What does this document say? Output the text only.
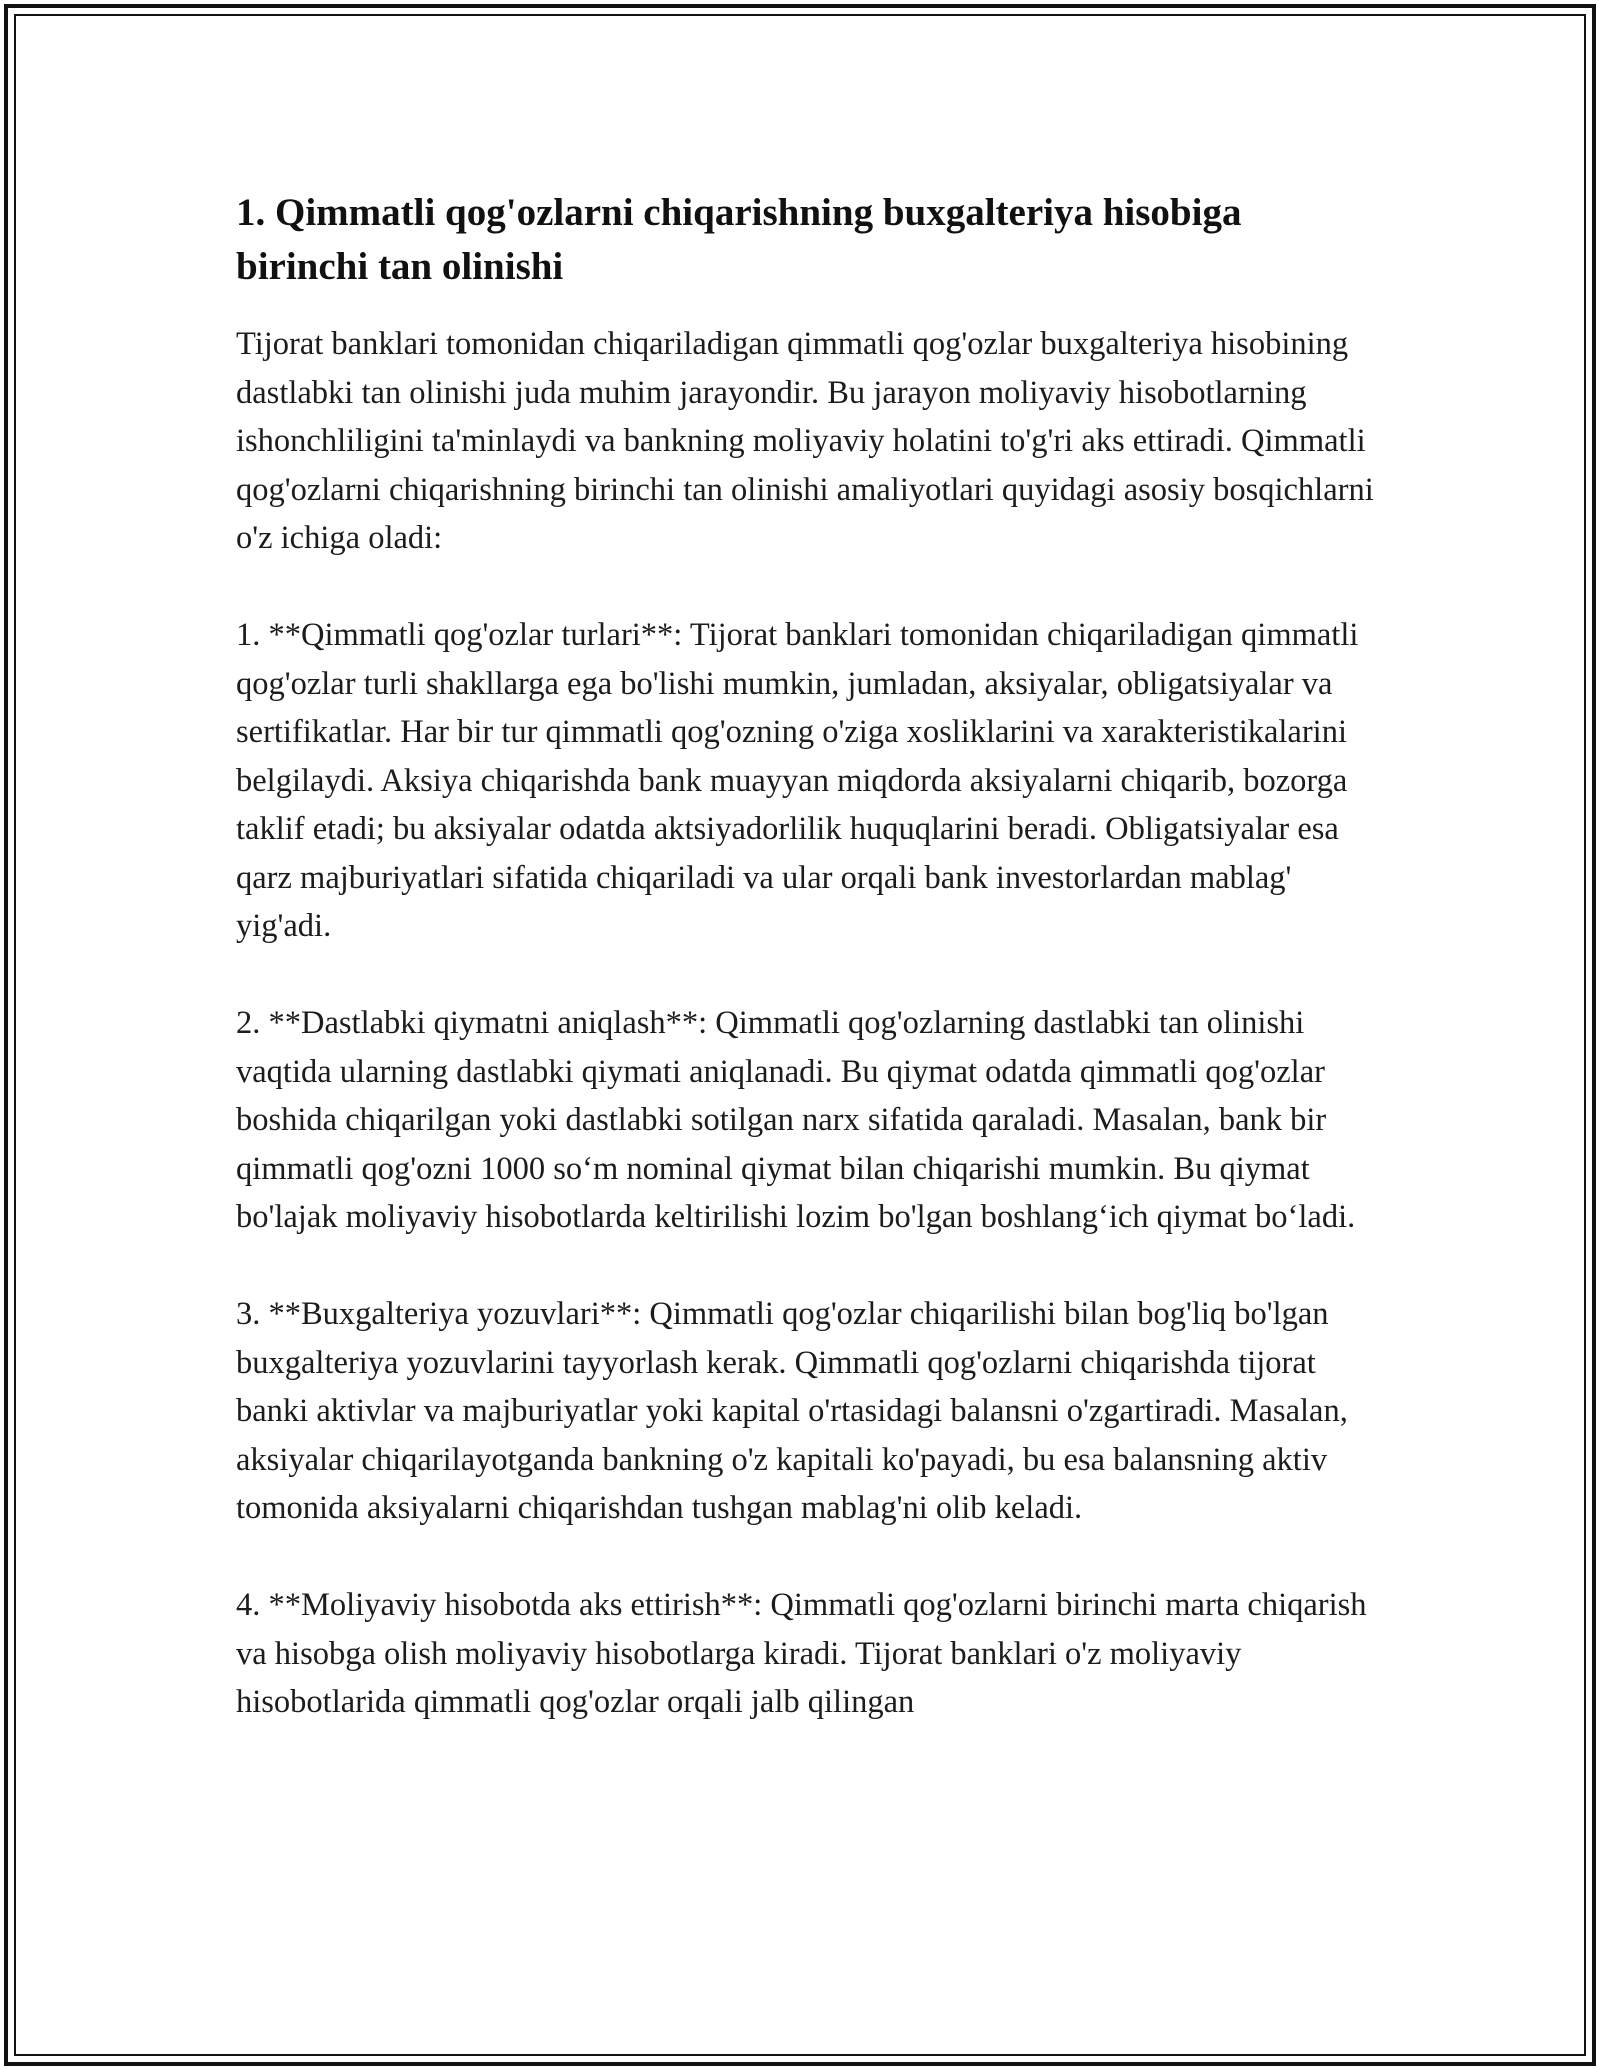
1. Qimmatli qog'ozlarni chiqarishning buxgalteriya hisobiga birinchi tan olinishi

Tijorat banklari tomonidan chiqariladigan qimmatli qog'ozlar buxgalteriya hisobining dastlabki tan olinishi juda muhim jarayondir. Bu jarayon moliyaviy hisobotlarning ishonchliligini ta'minlaydi va bankning moliyaviy holatini to'g'ri aks ettiradi. Qimmatli qog'ozlarni chiqarishning birinchi tan olinishi amaliyotlari quyidagi asosiy bosqichlarni o'z ichiga oladi:

1. **Qimmatli qog'ozlar turlari**: Tijorat banklari tomonidan chiqariladigan qimmatli qog'ozlar turli shakllarga ega bo'lishi mumkin, jumladan, aksiyalar, obligatsiyalar va sertifikatlar. Har bir tur qimmatli qog'ozning o'ziga xosliklarini va xarakteristikalarini belgilaydi. Aksiya chiqarishda bank muayyan miqdorda aksiyalarni chiqarib, bozorga taklif etadi; bu aksiyalar odatda aktsiyadorlilik huquqlarini beradi. Obligatsiyalar esa qarz majburiyatlari sifatida chiqariladi va ular orqali bank investorlardan mablag' yig'adi.

2. **Dastlabki qiymatni aniqlash**: Qimmatli qog'ozlarning dastlabki tan olinishi vaqtida ularning dastlabki qiymati aniqlanadi. Bu qiymat odatda qimmatli qog'ozlar boshida chiqarilgan yoki dastlabki sotilgan narx sifatida qaraladi. Masalan, bank bir qimmatli qog'ozni 1000 so‘m nominal qiymat bilan chiqarishi mumkin. Bu qiymat bo'lajak moliyaviy hisobotlarda keltirilishi lozim bo'lgan boshlang‘ich qiymat bo‘ladi.

3. **Buxgalteriya yozuvlari**: Qimmatli qog'ozlar chiqarilishi bilan bog'liq bo'lgan buxgalteriya yozuvlarini tayyorlash kerak. Qimmatli qog'ozlarni chiqarishda tijorat banki aktivlar va majburiyatlar yoki kapital o'rtasidagi balansni o'zgartiradi. Masalan, aksiyalar chiqarilayotganda bankning o'z kapitali ko'payadi, bu esa balansning aktiv tomonida aksiyalarni chiqarishdan tushgan mablag'ni olib keladi.

4. **Moliyaviy hisobotda aks ettirish**: Qimmatli qog'ozlarni birinchi marta chiqarish va hisobga olish moliyaviy hisobotlarga kiradi. Tijorat banklari o'z moliyaviy hisobotlarida qimmatli qog'ozlar orqali jalb qilingan
